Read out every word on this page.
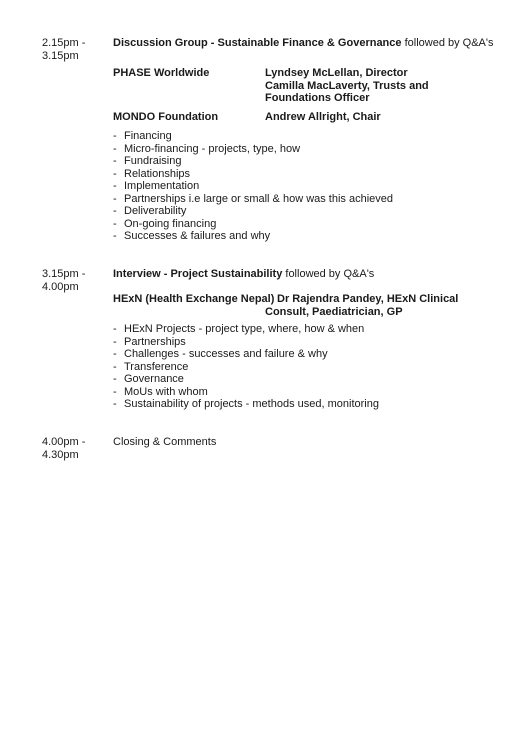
2.15pm -
3.15pm
Discussion Group - Sustainable Finance & Governance followed by Q&A's
PHASE Worldwide	Lyndsey McLellan, Director
Camilla MacLaverty, Trusts and
Foundations Officer
MONDO Foundation	Andrew Allright, Chair
- Financing
- Micro-financing - projects, type, how
- Fundraising
- Relationships
- Implementation
- Partnerships i.e large or small & how was this achieved
- Deliverability
- On-going financing
- Successes & failures and why
3.15pm -
4.00pm
Interview - Project Sustainability followed by Q&A's
HExN (Health Exchange Nepal) Dr Rajendra Pandey, HExN Clinical
Consult, Paediatrician, GP
- HExN Projects - project type, where, how & when
- Partnerships
- Challenges - successes and failure & why
- Transference
- Governance
- MoUs with whom
- Sustainability of projects - methods used, monitoring
4.00pm -
4.30pm
Closing & Comments
